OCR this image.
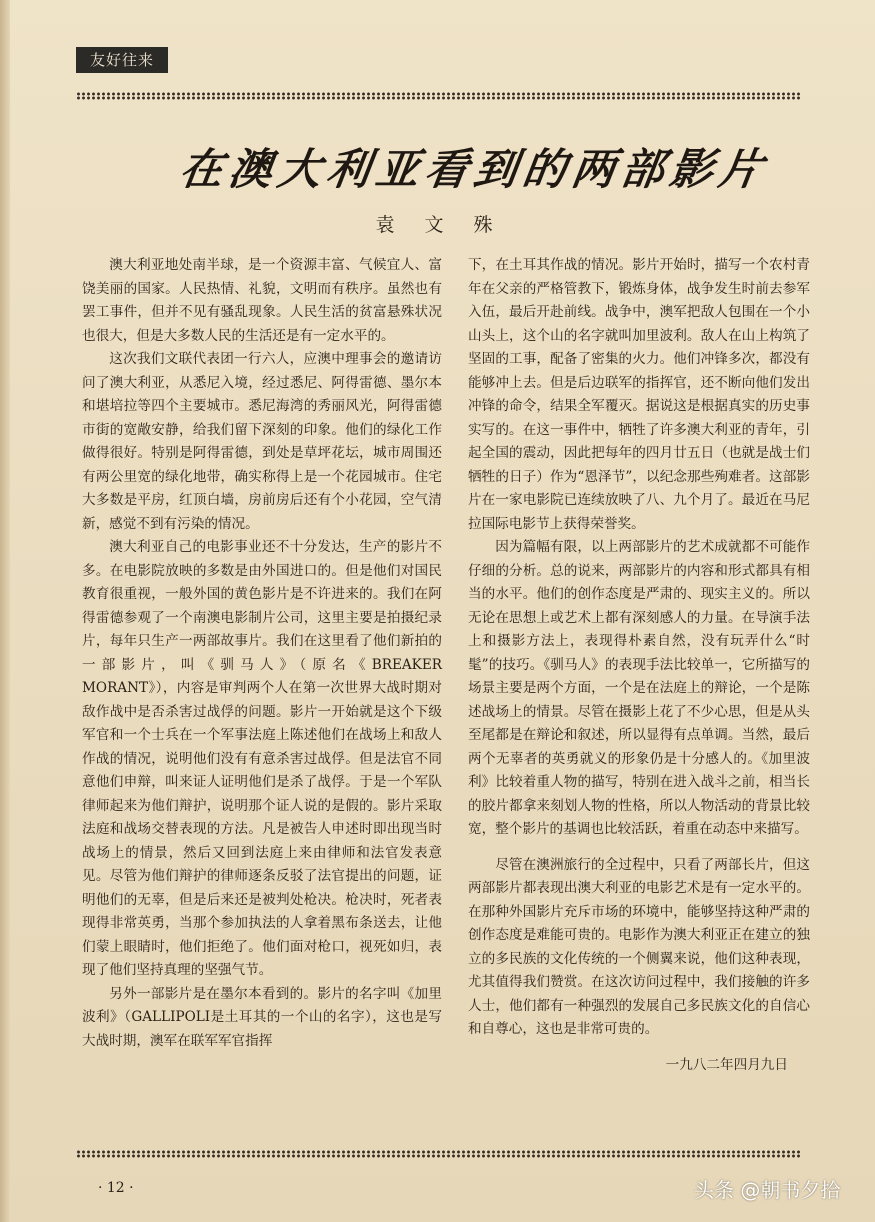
友好往来
在澳大利亚看到的两部影片
袁 文 殊

澳大利亚地处南半球，是一个资源丰富、气候宜人、富饶美丽的国家。人民热情、礼貌，文明而有秩序。虽然也有罢工事件，但并不见有骚乱现象。人民生活的贫富悬殊状况也很大，但是大多数人民的生活还是有一定水平的。

这次我们文联代表团一行六人，应澳中理事会的邀请访问了澳大利亚，从悉尼入境，经过悉尼、阿得雷德、墨尔本和堪培拉等四个主要城市。悉尼海湾的秀丽风光，阿得雷德市街的宽敞安静，给我们留下深刻的印象。他们的绿化工作做得很好。特别是阿得雷德，到处是草坪花坛，城市周围还有两公里宽的绿化地带，确实称得上是一个花园城市。住宅大多数是平房，红顶白墙，房前房后还有个小花园，空气清新，感觉不到有污染的情况。

澳大利亚自己的电影事业还不十分发达，生产的影片不多。在电影院放映的多数是由外国进口的。但是他们对国民教育很重视，一般外国的黄色影片是不许进来的。我们在阿得雷德参观了一个南澳电影制片公司，这里主要是拍摄纪录片，每年只生产一两部故事片。我们在这里看了他们新拍的一部影片，叫《驯马人》（原名《BREAKER MORANT》），内容是审判两个人在第一次世界大战时期对敌作战中是否杀害过战俘的问题。影片一开始就是这个下级军官和一个士兵在一个军事法庭上陈述他们在战场上和敌人作战的情况，说明他们没有有意杀害过战俘。但是法官不同意他们申辩，叫来证人证明他们是杀了战俘。于是一个军队律师起来为他们辩护，说明那个证人说的是假的。影片采取法庭和战场交替表现的方法。凡是被告人申述时即出现当时战场上的情景，然后又回到法庭上来由律师和法官发表意见。尽管为他们辩护的律师逐条反驳了法官提出的问题，证明他们的无辜，但是后来还是被判处枪决。枪决时，死者表现得非常英勇，当那个参加执法的人拿着黑布条送去，让他们蒙上眼睛时，他们拒绝了。他们面对枪口，视死如归，表现了他们坚持真理的坚强气节。

另外一部影片是在墨尔本看到的。影片的名字叫《加里波利》（GALLIPOLI是土耳其的一个山的名字），这也是写大战时期，澳军在联军军官指挥

下，在土耳其作战的情况。影片开始时，描写一个农村青年在父亲的严格管教下，锻炼身体，战争发生时前去参军入伍，最后开赴前线。战争中，澳军把敌人包围在一个小山头上，这个山的名字就叫加里波利。敌人在山上构筑了坚固的工事，配备了密集的火力。他们冲锋多次，都没有能够冲上去。但是后边联军的指挥官，还不断向他们发出冲锋的命令，结果全军覆灭。据说这是根据真实的历史事实写的。在这一事件中，牺牲了许多澳大利亚的青年，引起全国的震动，因此把每年的四月廿五日（也就是战士们牺牲的日子）作为“恩泽节”，以纪念那些殉难者。这部影片在一家电影院已连续放映了八、九个月了。最近在马尼拉国际电影节上获得荣誉奖。

因为篇幅有限，以上两部影片的艺术成就都不可能作仔细的分析。总的说来，两部影片的内容和形式都具有相当的水平。他们的创作态度是严肃的、现实主义的。所以无论在思想上或艺术上都有深刻感人的力量。在导演手法上和摄影方法上，表现得朴素自然，没有玩弄什么“时髦”的技巧。《驯马人》的表现手法比较单一，它所描写的场景主要是两个方面，一个是在法庭上的辩论，一个是陈述战场上的情景。尽管在摄影上花了不少心思，但是从头至尾都是在辩论和叙述，所以显得有点单调。当然，最后两个无辜者的英勇就义的形象仍是十分感人的。《加里波利》比较着重人物的描写，特别在进入战斗之前，相当长的胶片都拿来刻划人物的性格，所以人物活动的背景比较宽，整个影片的基调也比较活跃，着重在动态中来描写。

尽管在澳洲旅行的全过程中，只看了两部长片，但这两部影片都表现出澳大利亚的电影艺术是有一定水平的。在那种外国影片充斥市场的环境中，能够坚持这种严肃的创作态度是难能可贵的。电影作为澳大利亚正在建立的独立的多民族的文化传统的一个侧翼来说，他们这种表现，尤其值得我们赞赏。在这次访问过程中，我们接触的许多人士，他们都有一种强烈的发展自己多民族文化的自信心和自尊心，这也是非常可贵的。

一九八二年四月九日

· 12 ·	头条 @朝书夕拾
